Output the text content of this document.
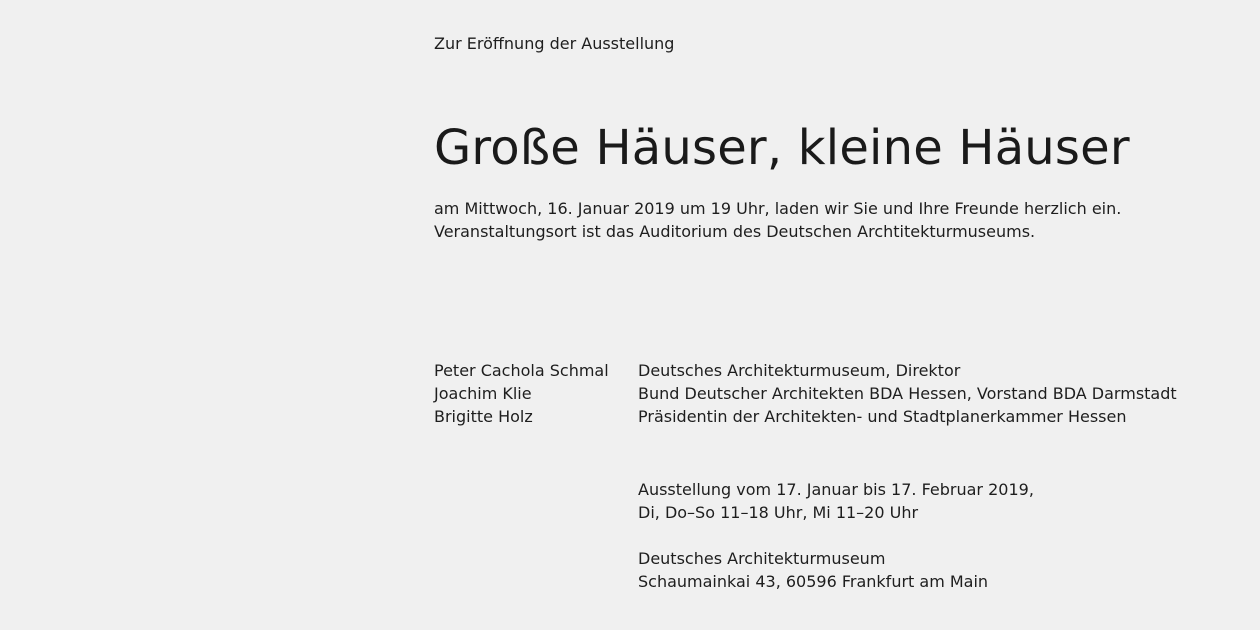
Zur Eröffnung der Ausstellung
Große Häuser, kleine Häuser
am Mittwoch, 16. Januar 2019 um 19 Uhr, laden wir Sie und Ihre Freunde herzlich ein.
Veranstaltungsort ist das Auditorium des Deutschen Archtitekturmuseums.
Peter Cachola Schmal	Deutsches Architekturmuseum, Direktor
Joachim Klie	Bund Deutscher Architekten BDA Hessen, Vorstand BDA Darmstadt
Brigitte Holz	Präsidentin der Architekten- und Stadtplanerkammer Hessen
Ausstellung vom 17. Januar bis 17. Februar 2019,
Di, Do–So 11–18 Uhr, Mi 11–20 Uhr
Deutsches Architekturmuseum
Schaumainkai 43, 60596 Frankfurt am Main
